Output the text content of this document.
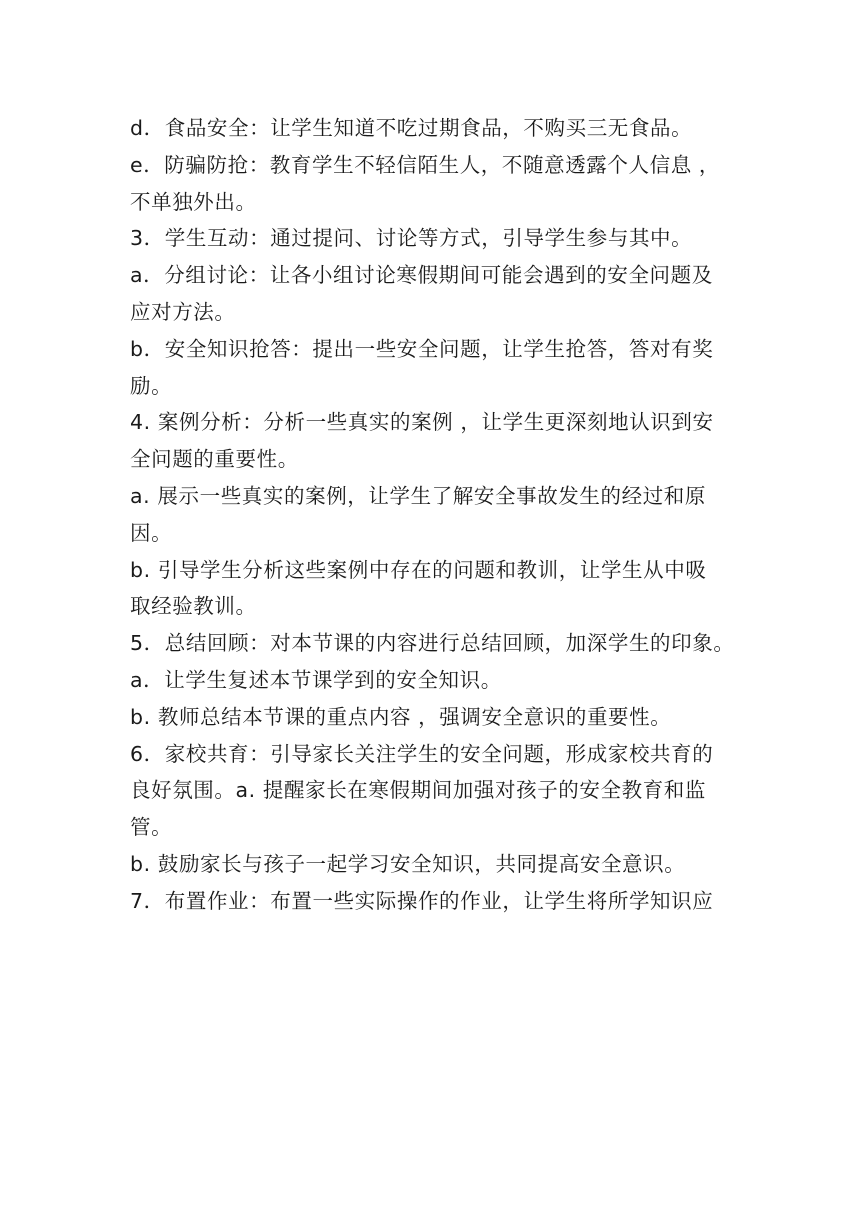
d．食品安全：让学生知道不吃过期食品，不购买三无食品。
e．防骗防抢：教育学生不轻信陌生人，不随意透露个人信息 ，
不单独外出。
3．学生互动：通过提问、讨论等方式，引导学生参与其中。
a．分组讨论：让各小组讨论寒假期间可能会遇到的安全问题及
应对方法。
b．安全知识抢答：提出一些安全问题，让学生抢答，答对有奖
励。
4. 案例分析：分析一些真实的案例 ，让学生更深刻地认识到安
全问题的重要性。
a. 展示一些真实的案例，让学生了解安全事故发生的经过和原
因。
b. 引导学生分析这些案例中存在的问题和教训，让学生从中吸
取经验教训。
5．总结回顾：对本节课的内容进行总结回顾，加深学生的印象。
a．让学生复述本节课学到的安全知识。
b. 教师总结本节课的重点内容 ，强调安全意识的重要性。
6．家校共育：引导家长关注学生的安全问题，形成家校共育的
良好氛围。a. 提醒家长在寒假期间加强对孩子的安全教育和监
管。
b. 鼓励家长与孩子一起学习安全知识，共同提高安全意识。
7．布置作业：布置一些实际操作的作业，让学生将所学知识应
